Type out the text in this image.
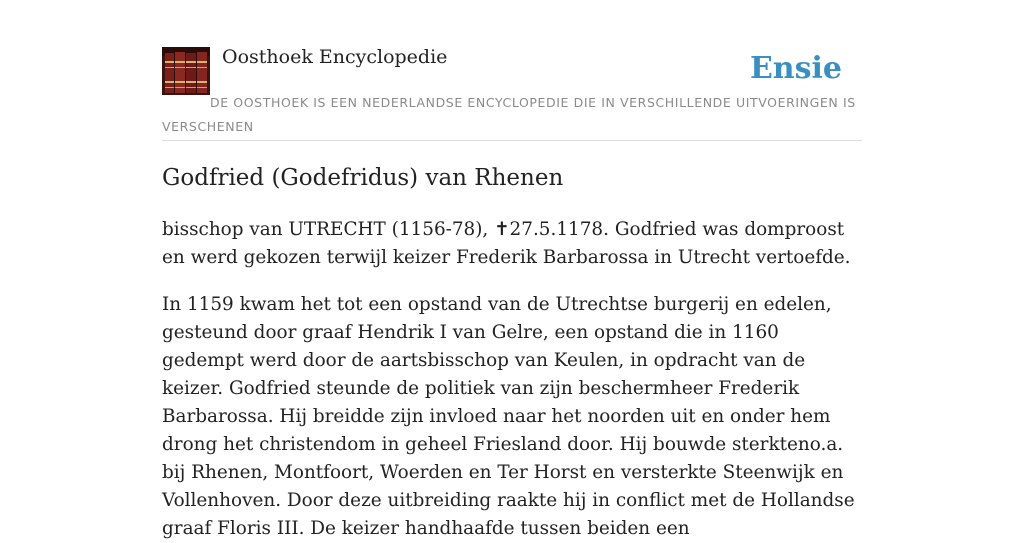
Oosthoek Encyclopedie	Ensie
DE OOSTHOEK IS EEN NEDERLANDSE ENCYCLOPEDIE DIE IN VERSCHILLENDE UITVOERINGEN IS VERSCHENEN
Godfried (Godefridus) van Rhenen

bisschop van UTRECHT (1156-78), ✝27.5.1178. Godfried was domproost en werd gekozen terwijl keizer Frederik Barbarossa in Utrecht vertoefde.

In 1159 kwam het tot een opstand van de Utrechtse burgerij en edelen, gesteund door graaf Hendrik I van Gelre, een opstand die in 1160 gedempt werd door de aartsbisschop van Keulen, in opdracht van de keizer. Godfried steunde de politiek van zijn beschermheer Frederik Barbarossa. Hij breidde zijn invloed naar het noorden uit en onder hem drong het christendom in geheel Friesland door. Hij bouwde sterkteno.a. bij Rhenen, Montfoort, Woerden en Ter Horst en versterkte Steenwijk en Vollenhoven. Door deze uitbreiding raakte hij in conflict met de Hollandse graaf Floris III. De keizer handhaafde tussen beiden een
